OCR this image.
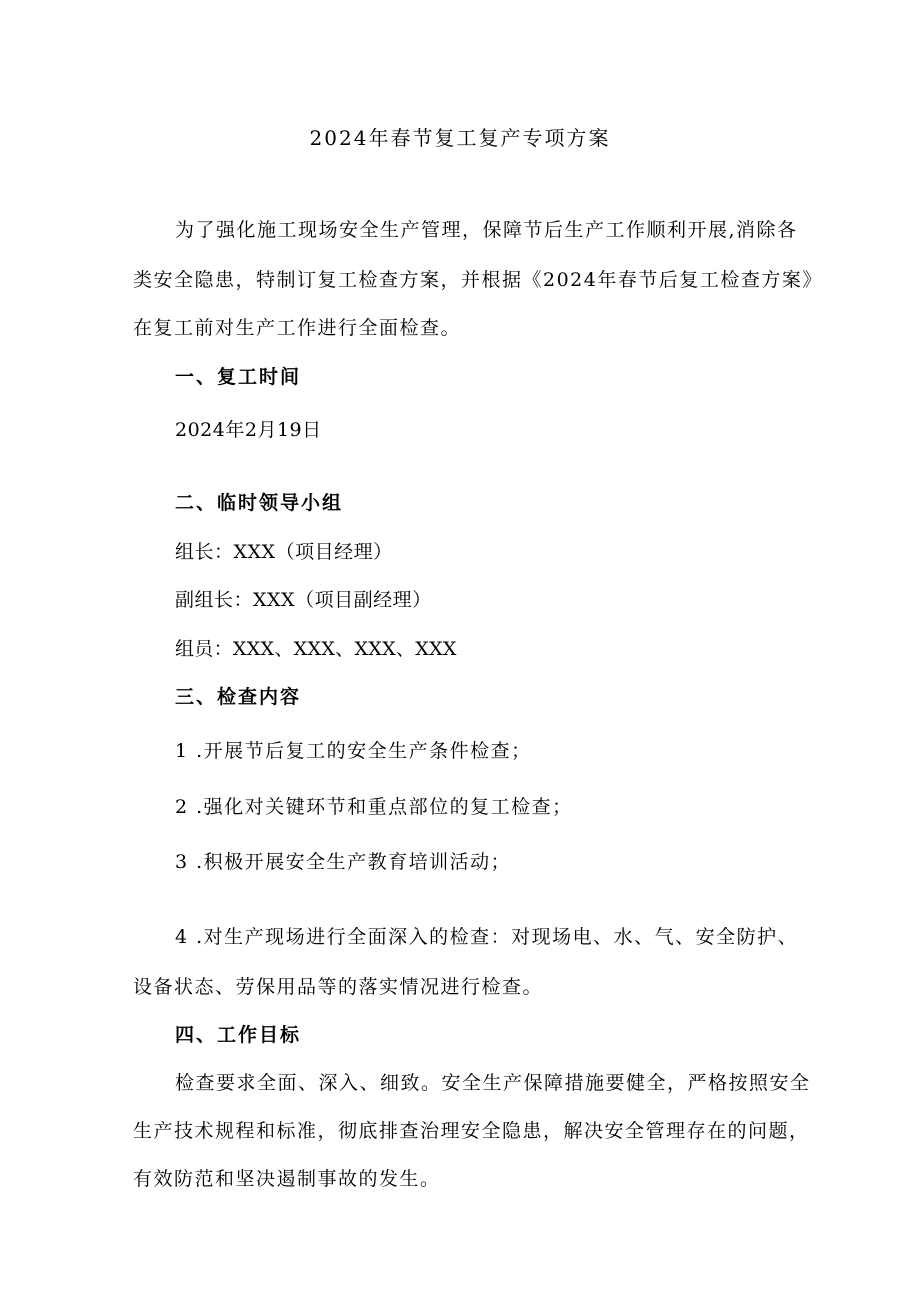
2024年春节复工复产专项方案
为了强化施工现场安全生产管理，保障节后生产工作顺利开展,消除各
类安全隐患，特制订复工检查方案，并根据《2024年春节后复工检查方案》
在复工前对生产工作进行全面检查。
一、复工时间
2024年2月19日
二、临时领导小组
组长：XXX（项目经理）
副组长：XXX（项目副经理）
组员：XXX、XXX、XXX、XXX
三、检查内容
1 .开展节后复工的安全生产条件检查；
2 .强化对关键环节和重点部位的复工检查；
3 .积极开展安全生产教育培训活动；
4 .对生产现场进行全面深入的检查：对现场电、水、气、安全防护、
设备状态、劳保用品等的落实情况进行检查。
四、工作目标
检查要求全面、深入、细致。安全生产保障措施要健全，严格按照安全
生产技术规程和标准，彻底排查治理安全隐患，解决安全管理存在的问题，
有效防范和坚决遏制事故的发生。
